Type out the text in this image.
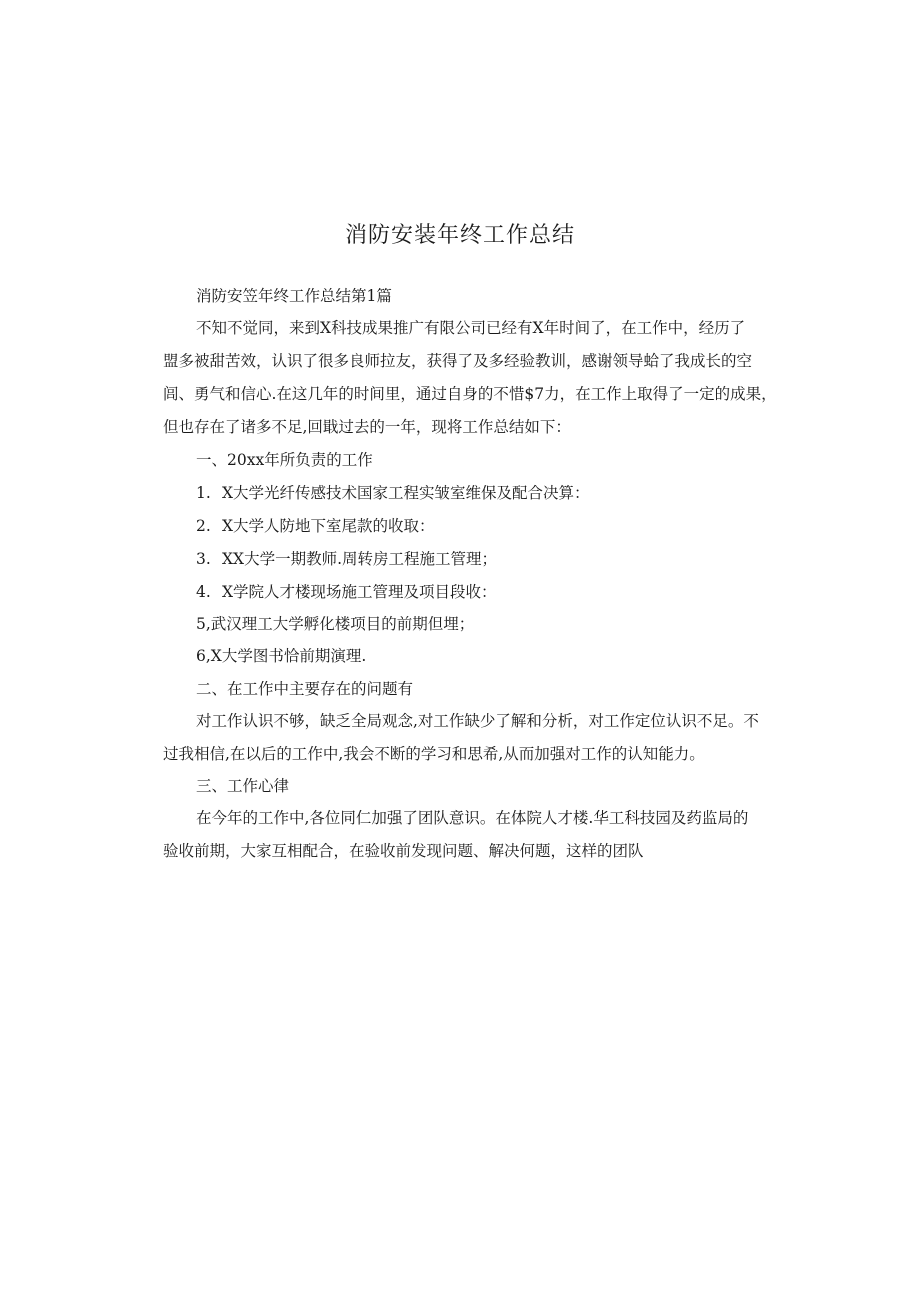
消防安装年终工作总结
消防安笠年终工作总结第1篇
不知不觉同，来到X科技成果推广有限公司已经有X年时间了，在工作中，经历了
盟多被甜苦效，认识了很多良师拉友，获得了及多经验教训，感谢领导蛤了我成长的空
闾、勇气和信心.在这几年的时间里，通过自身的不惜$7力，在工作上取得了一定的成果，
但也存在了诸多不足,回戢过去的一年，现将工作总结如下：
一、20xx年所负责的工作
1. X大学光纤传感技术国家工程实皱室维保及配合决算：
2. X大学人防地下室尾款的收取：
3. XX大学一期教师.周转房工程施工管理；
4. X学院人才楼现场施工管理及项目段收：
5,武汉理工大学孵化楼项目的前期但埋；
6,X大学图书恰前期演理.
二、在工作中主要存在的问题有
对工作认识不够，缺乏全局观念,对工作缺少了解和分析，对工作定位认识不足。不
过我相信,在以后的工作中,我会不断的学习和思希,从而加强对工作的认知能力。
三、工作心律
在今年的工作中,各位同仁加强了团队意识。在体院人才楼.华工科技园及药监局的
验收前期，大家互相配合，在验收前发现问题、解决何题，这样的团队
